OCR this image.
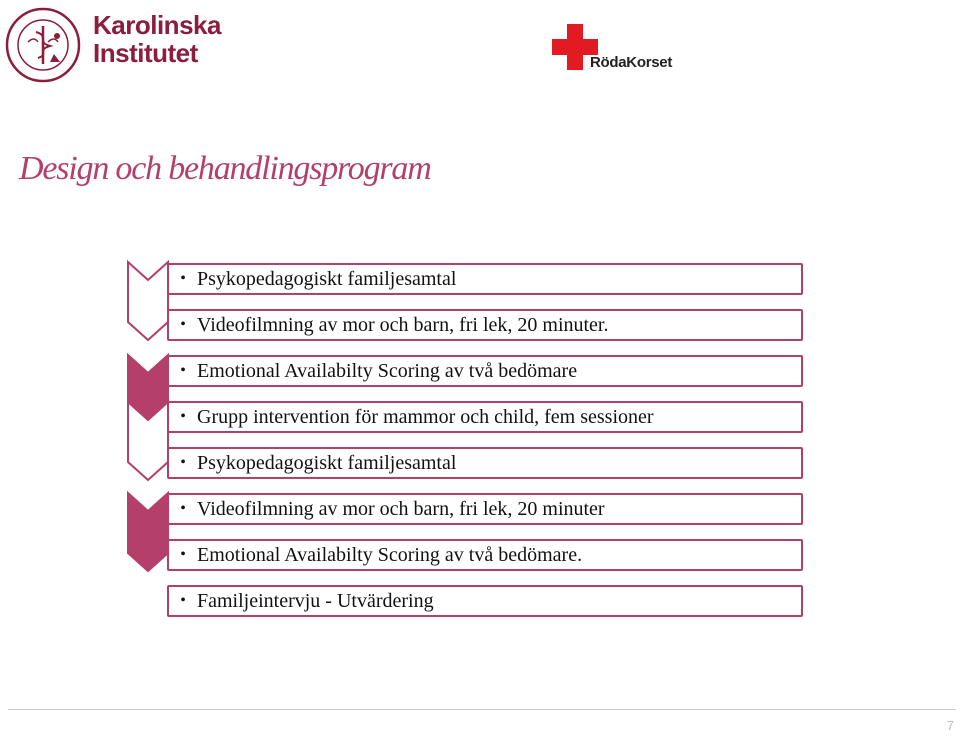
Karolinska
Institutet	RödaKorset
Design och behandlingsprogram
• Psykopedagogiskt familjesamtal
• Videofilmning av mor och barn, fri lek, 20 minuter.
• Emotional Availabilty Scoring av två bedömare
• Grupp intervention för mammor och child, fem sessioner
• Psykopedagogiskt familjesamtal
• Videofilmning av mor och barn, fri lek, 20 minuter
• Emotional Availabilty Scoring av två bedömare.
• Familjeintervju - Utvärdering
7
